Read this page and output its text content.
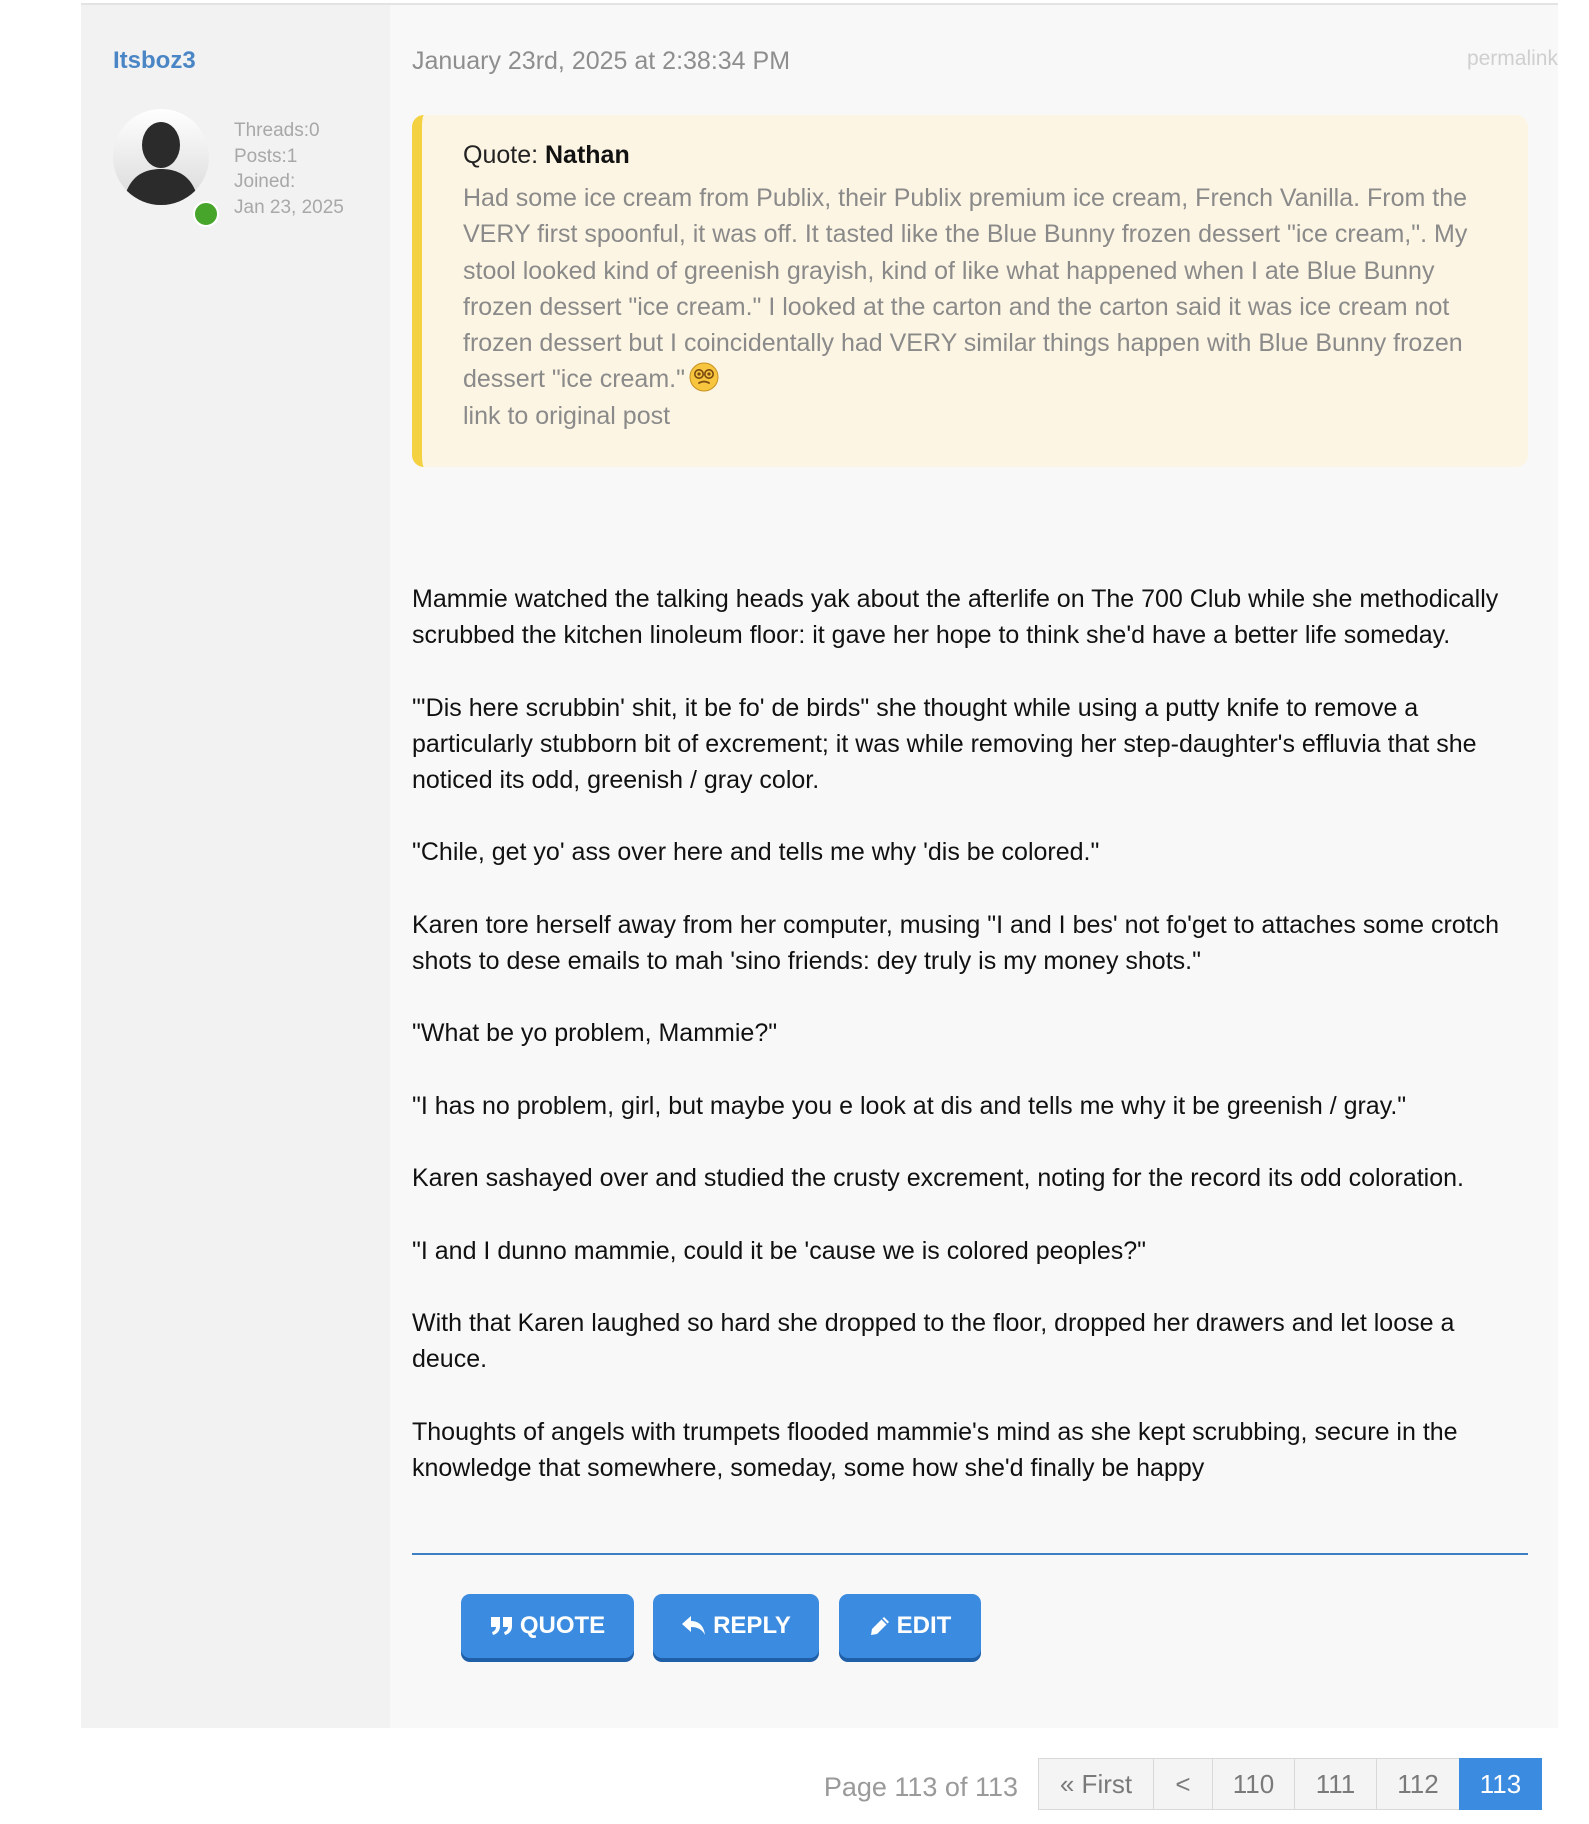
Itsboz3
Threads:0
Posts:1
Joined:
Jan 23, 2025
January 23rd, 2025 at 2:38:34 PM	permalink
Quote: Nathan
Had some ice cream from Publix, their Publix premium ice cream, French Vanilla. From the VERY first spoonful, it was off. It tasted like the Blue Bunny frozen dessert "ice cream,". My stool looked kind of greenish grayish, kind of like what happened when I ate Blue Bunny frozen dessert "ice cream." I looked at the carton and the carton said it was ice cream not frozen dessert but I coincidentally had VERY similar things happen with Blue Bunny frozen dessert "ice cream."
link to original post

Mammie watched the talking heads yak about the afterlife on The 700 Club while she methodically scrubbed the kitchen linoleum floor: it gave her hope to think she'd have a better life someday.

"'Dis here scrubbin' shit, it be fo' de birds" she thought while using a putty knife to remove a particularly stubborn bit of excrement; it was while removing her step-daughter's effluvia that she noticed its odd, greenish / gray color.

"Chile, get yo' ass over here and tells me why 'dis be colored."

Karen tore herself away from her computer, musing "I and I bes' not fo'get to attaches some crotch shots to dese emails to mah 'sino friends: dey truly is my money shots."

"What be yo problem, Mammie?"

"I has no problem, girl, but maybe you e look at dis and tells me why it be greenish / gray."

Karen sashayed over and studied the crusty excrement, noting for the record its odd coloration.

"I and I dunno mammie, could it be 'cause we is colored peoples?"

With that Karen laughed so hard she dropped to the floor, dropped her drawers and let loose a deuce.

Thoughts of angels with trumpets flooded mammie's mind as she kept scrubbing, secure in the knowledge that somewhere, someday, some how she'd finally be happy

QUOTE	REPLY	EDIT
Page 113 of 113	« First	<	110	111	112	113
